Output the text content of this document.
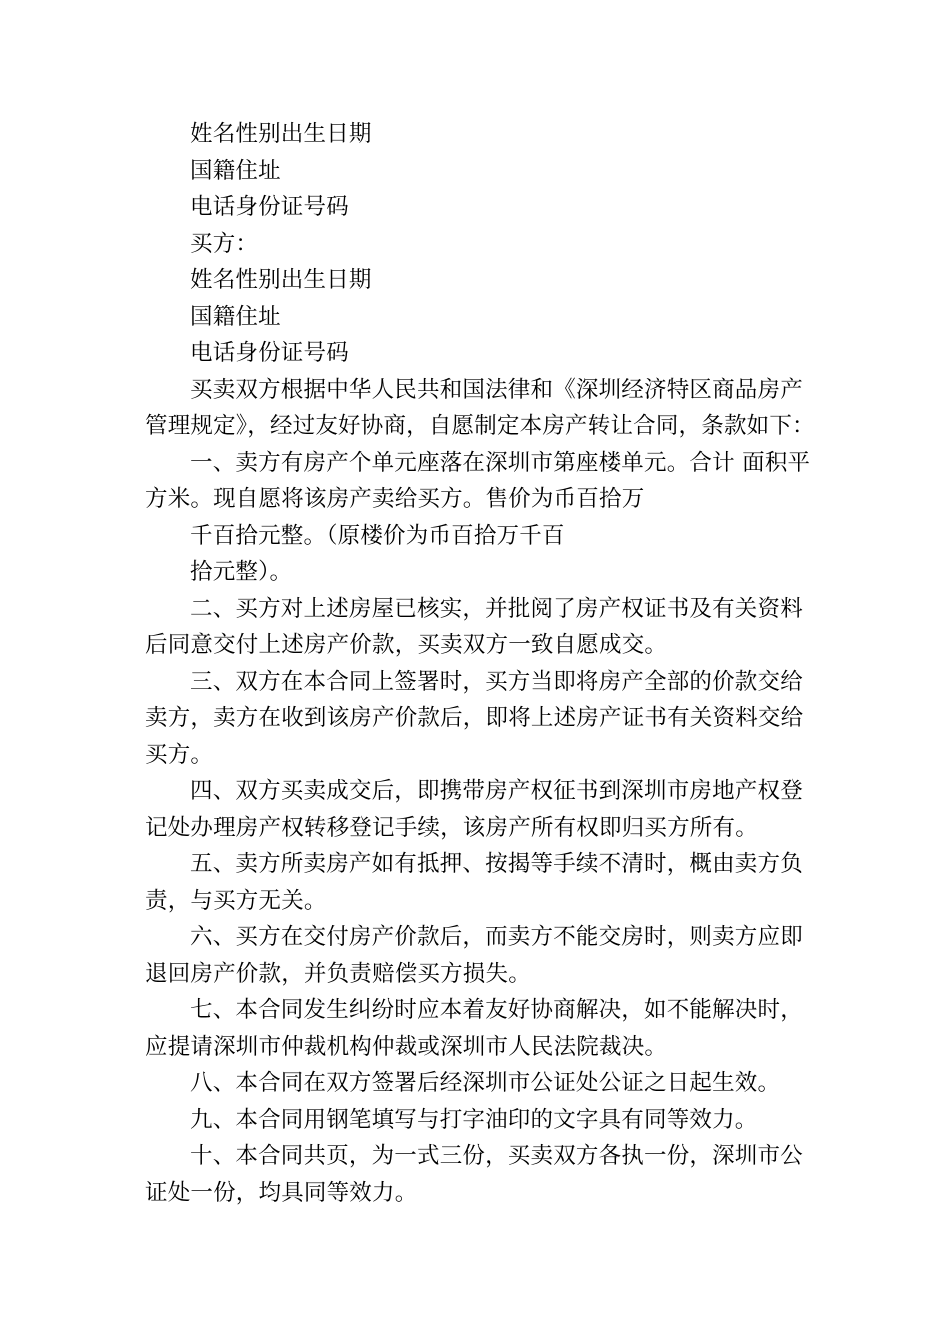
姓名性别出生日期
国籍住址
电话身份证号码
买方：
姓名性别出生日期
国籍住址
电话身份证号码
买卖双方根据中华人民共和国法律和《深圳经济特区商品房产
管理规定》，经过友好协商，自愿制定本房产转让合同，条款如下：
一、卖方有房产个单元座落在深圳市第座楼单元。合计 面积平
方米。现自愿将该房产卖给买方。售价为币百拾万
千百拾元整。（原楼价为币百拾万千百
拾元整）。
二、买方对上述房屋已核实，并批阅了房产权证书及有关资料
后同意交付上述房产价款，买卖双方一致自愿成交。
三、双方在本合同上签署时，买方当即将房产全部的价款交给
卖方，卖方在收到该房产价款后，即将上述房产证书有关资料交给
买方。
四、双方买卖成交后，即携带房产权征书到深圳市房地产权登
记处办理房产权转移登记手续，该房产所有权即归买方所有。
五、卖方所卖房产如有抵押、按揭等手续不清时，概由卖方负
责，与买方无关。
六、买方在交付房产价款后，而卖方不能交房时，则卖方应即
退回房产价款，并负责赔偿买方损失。
七、本合同发生纠纷时应本着友好协商解决，如不能解决时，
应提请深圳市仲裁机构仲裁或深圳市人民法院裁决。
八、本合同在双方签署后经深圳市公证处公证之日起生效。
九、本合同用钢笔填写与打字油印的文字具有同等效力。
十、本合同共页，为一式三份，买卖双方各执一份，深圳市公
证处一份，均具同等效力。
